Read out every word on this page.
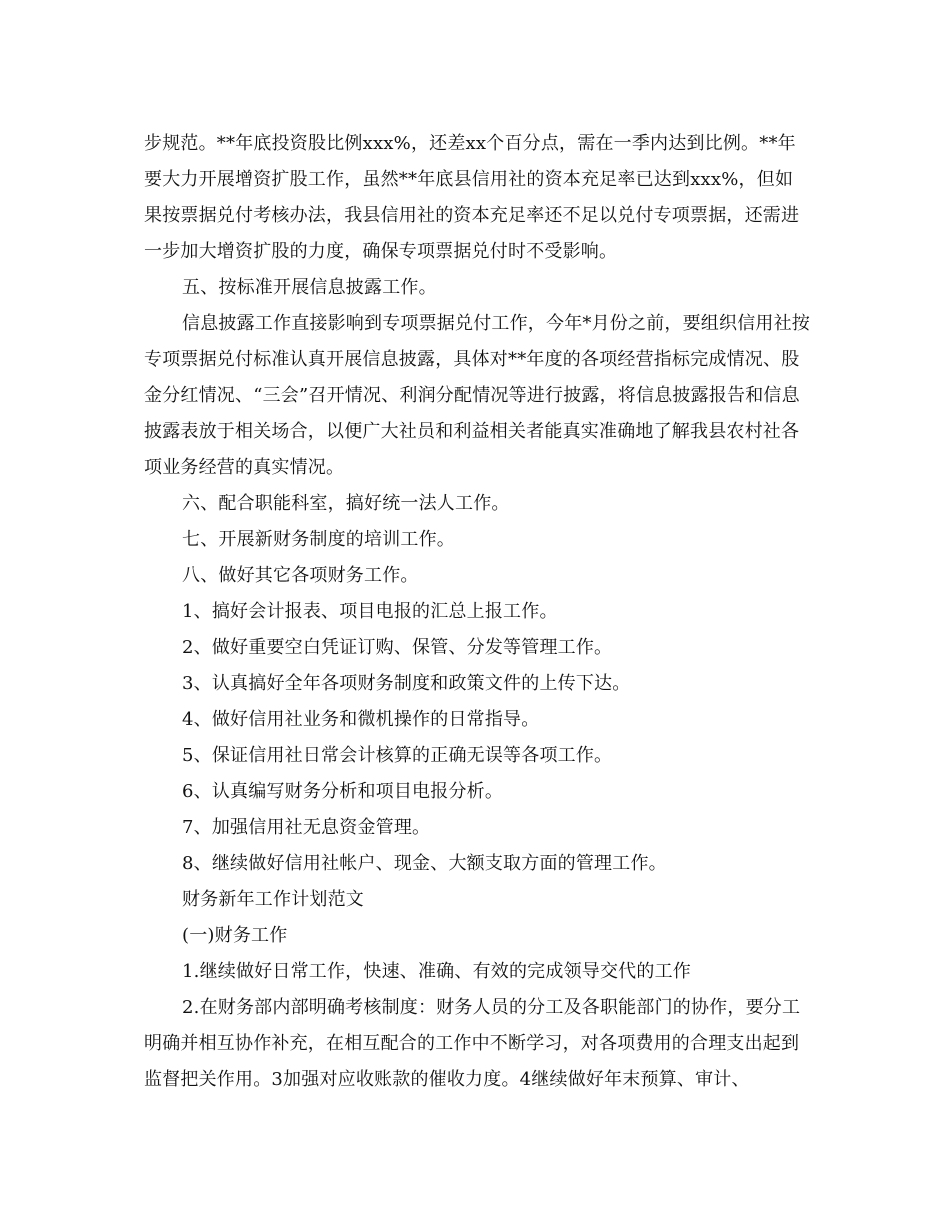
步规范。**年底投资股比例xxx%，还差xx个百分点，需在一季内达到比例。**年要大力开展增资扩股工作，虽然**年底县信用社的资本充足率已达到xxx%，但如果按票据兑付考核办法，我县信用社的资本充足率还不足以兑付专项票据，还需进一步加大增资扩股的力度，确保专项票据兑付时不受影响。

五、按标准开展信息披露工作。

信息披露工作直接影响到专项票据兑付工作，今年*月份之前，要组织信用社按专项票据兑付标准认真开展信息披露，具体对**年度的各项经营指标完成情况、股金分红情况、“三会”召开情况、利润分配情况等进行披露，将信息披露报告和信息披露表放于相关场合，以便广大社员和利益相关者能真实准确地了解我县农村社各项业务经营的真实情况。

六、配合职能科室，搞好统一法人工作。

七、开展新财务制度的培训工作。

八、做好其它各项财务工作。

1、搞好会计报表、项目电报的汇总上报工作。

2、做好重要空白凭证订购、保管、分发等管理工作。

3、认真搞好全年各项财务制度和政策文件的上传下达。

4、做好信用社业务和微机操作的日常指导。

5、保证信用社日常会计核算的正确无误等各项工作。

6、认真编写财务分析和项目电报分析。

7、加强信用社无息资金管理。

8、继续做好信用社帐户、现金、大额支取方面的管理工作。

财务新年工作计划范文

(一)财务工作

1.继续做好日常工作，快速、准确、有效的完成领导交代的工作

2.在财务部内部明确考核制度：财务人员的分工及各职能部门的协作，要分工明确并相互协作补充，在相互配合的工作中不断学习，对各项费用的合理支出起到监督把关作用。3加强对应收账款的催收力度。4继续做好年末预算、审计、
